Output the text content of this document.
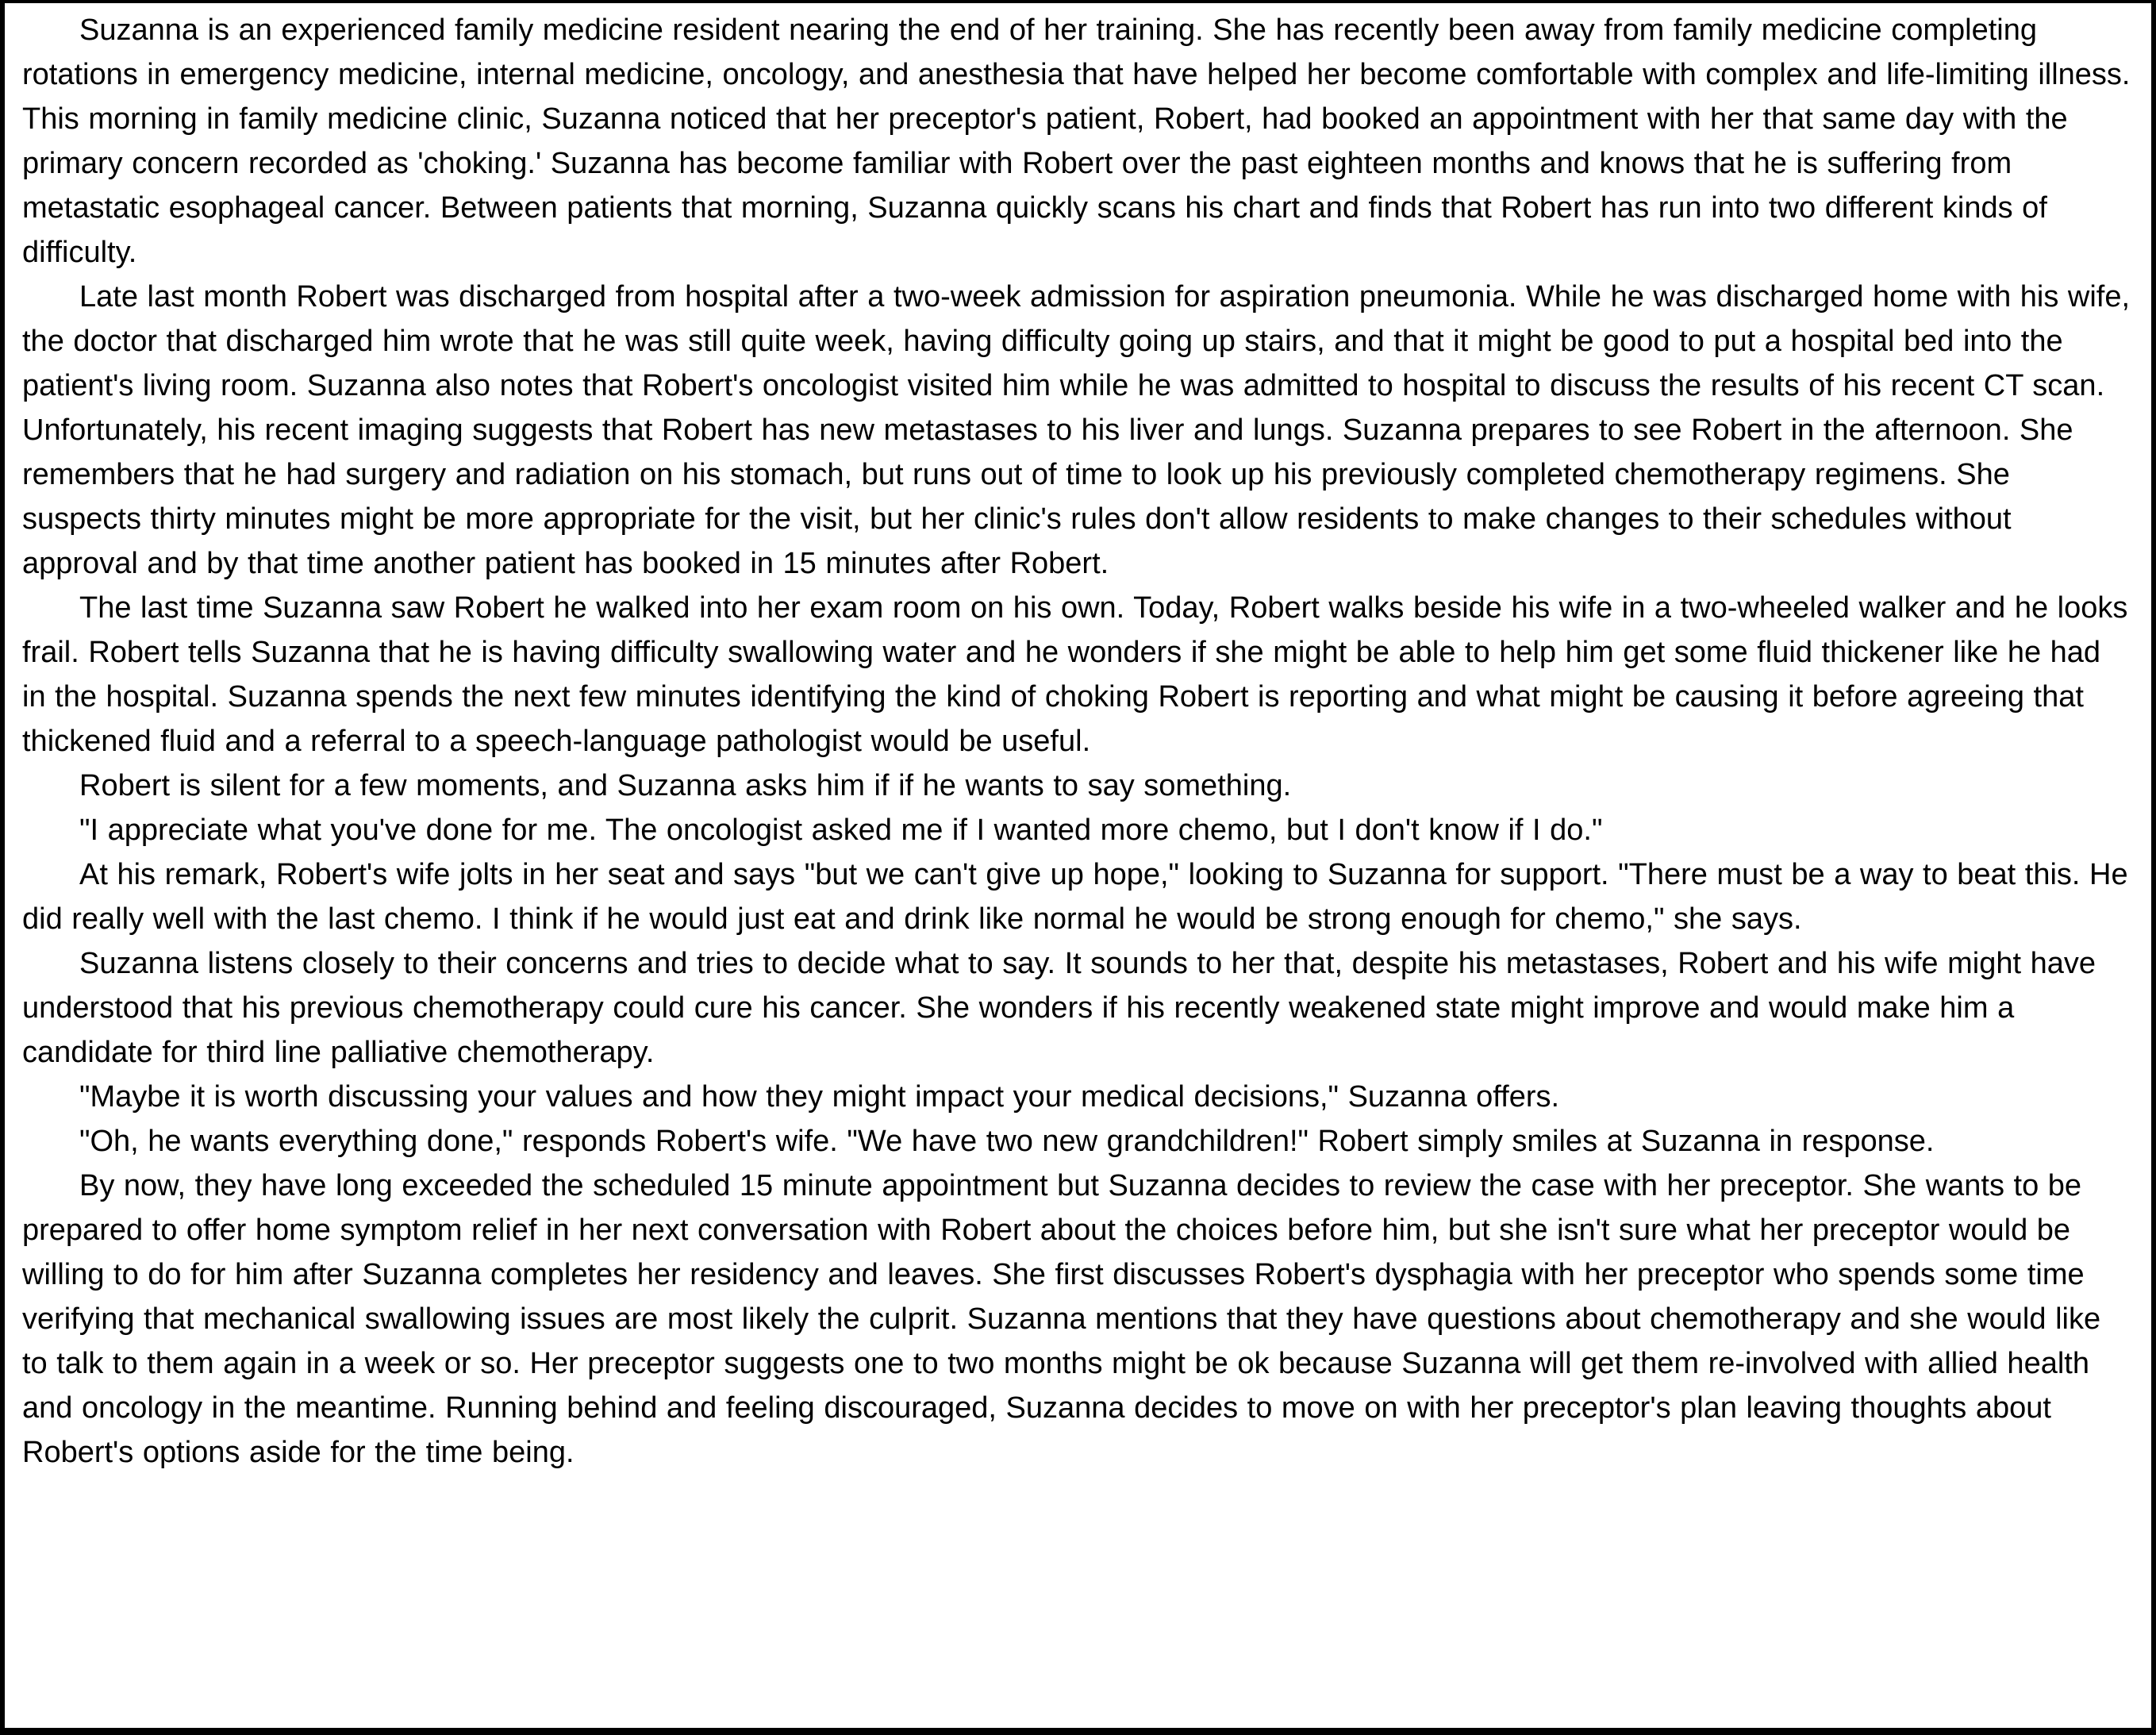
Suzanna is an experienced family medicine resident nearing the end of her training. She has recently been away from family medicine completing rotations in emergency medicine, internal medicine, oncology, and anesthesia that have helped her become comfortable with complex and life-limiting illness. This morning in family medicine clinic, Suzanna noticed that her preceptor's patient, Robert, had booked an appointment with her that same day with the primary concern recorded as 'choking.' Suzanna has become familiar with Robert over the past eighteen months and knows that he is suffering from metastatic esophageal cancer. Between patients that morning, Suzanna quickly scans his chart and finds that Robert has run into two different kinds of difficulty.

Late last month Robert was discharged from hospital after a two-week admission for aspiration pneumonia. While he was discharged home with his wife, the doctor that discharged him wrote that he was still quite week, having difficulty going up stairs, and that it might be good to put a hospital bed into the patient's living room. Suzanna also notes that Robert's oncologist visited him while he was admitted to hospital to discuss the results of his recent CT scan. Unfortunately, his recent imaging suggests that Robert has new metastases to his liver and lungs. Suzanna prepares to see Robert in the afternoon. She remembers that he had surgery and radiation on his stomach, but runs out of time to look up his previously completed chemotherapy regimens. She suspects thirty minutes might be more appropriate for the visit, but her clinic's rules don't allow residents to make changes to their schedules without approval and by that time another patient has booked in 15 minutes after Robert.

The last time Suzanna saw Robert he walked into her exam room on his own. Today, Robert walks beside his wife in a two-wheeled walker and he looks frail. Robert tells Suzanna that he is having difficulty swallowing water and he wonders if she might be able to help him get some fluid thickener like he had in the hospital. Suzanna spends the next few minutes identifying the kind of choking Robert is reporting and what might be causing it before agreeing that thickened fluid and a referral to a speech-language pathologist would be useful.

Robert is silent for a few moments, and Suzanna asks him if if he wants to say something.

"I appreciate what you've done for me. The oncologist asked me if I wanted more chemo, but I don't know if I do."

At his remark, Robert's wife jolts in her seat and says "but we can't give up hope," looking to Suzanna for support. "There must be a way to beat this. He did really well with the last chemo. I think if he would just eat and drink like normal he would be strong enough for chemo," she says.

Suzanna listens closely to their concerns and tries to decide what to say. It sounds to her that, despite his metastases, Robert and his wife might have understood that his previous chemotherapy could cure his cancer. She wonders if his recently weakened state might improve and would make him a candidate for third line palliative chemotherapy.

"Maybe it is worth discussing your values and how they might impact your medical decisions," Suzanna offers.

"Oh, he wants everything done," responds Robert's wife. "We have two new grandchildren!" Robert simply smiles at Suzanna in response.

By now, they have long exceeded the scheduled 15 minute appointment but Suzanna decides to review the case with her preceptor. She wants to be prepared to offer home symptom relief in her next conversation with Robert about the choices before him, but she isn't sure what her preceptor would be willing to do for him after Suzanna completes her residency and leaves. She first discusses Robert's dysphagia with her preceptor who spends some time verifying that mechanical swallowing issues are most likely the culprit. Suzanna mentions that they have questions about chemotherapy and she would like to talk to them again in a week or so. Her preceptor suggests one to two months might be ok because Suzanna will get them re-involved with allied health and oncology in the meantime. Running behind and feeling discouraged, Suzanna decides to move on with her preceptor's plan leaving thoughts about Robert's options aside for the time being.
